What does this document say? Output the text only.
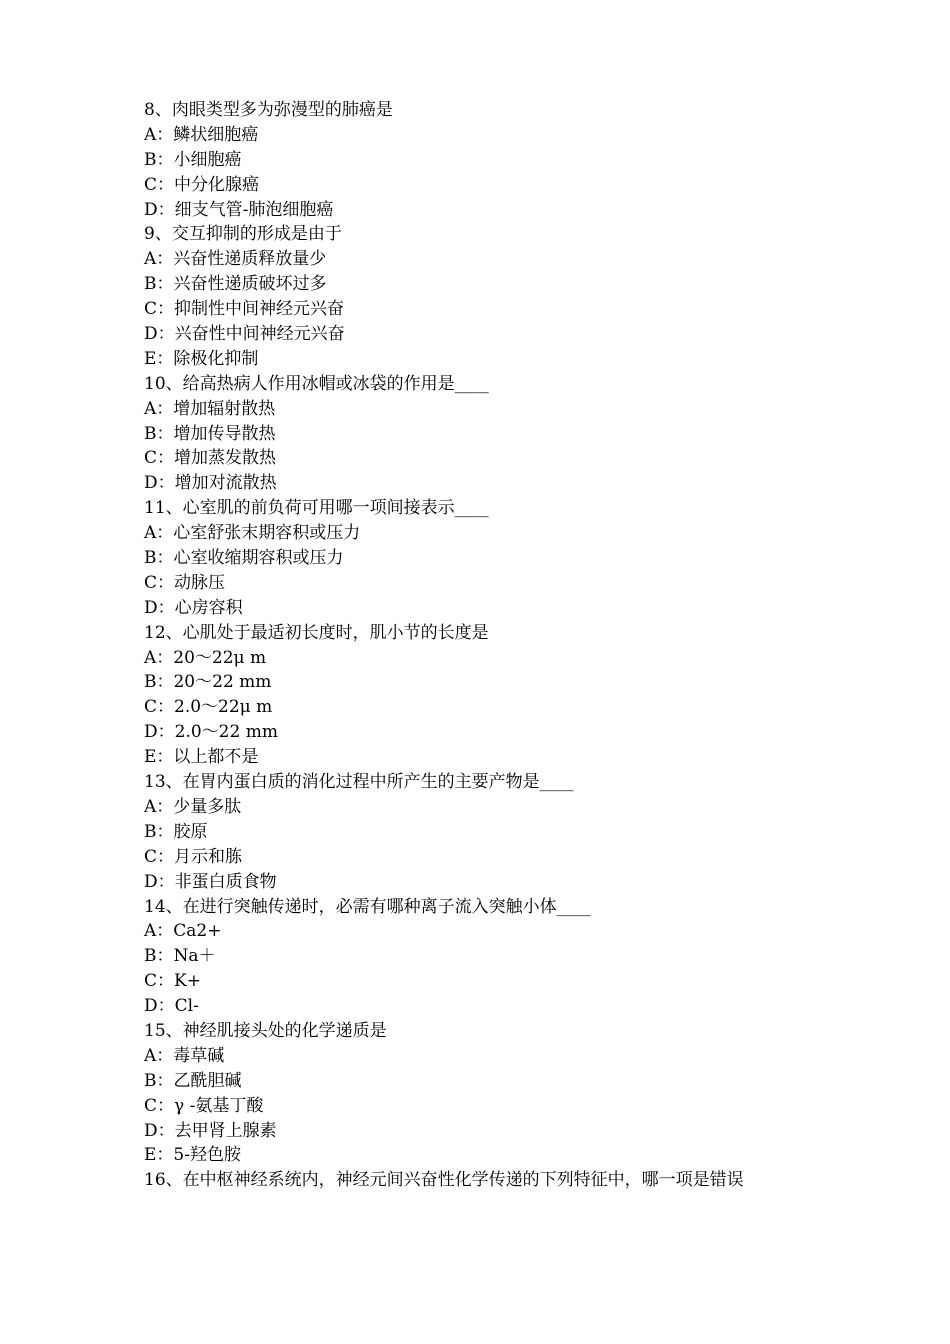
8、肉眼类型多为弥漫型的肺癌是
A：鳞状细胞癌
B：小细胞癌
C：中分化腺癌
D：细支气管-肺泡细胞癌
9、交互抑制的形成是由于
A：兴奋性递质释放量少
B：兴奋性递质破坏过多
C：抑制性中间神经元兴奋
D：兴奋性中间神经元兴奋
E：除极化抑制
10、给高热病人作用冰帽或冰袋的作用是____
A：增加辐射散热
B：增加传导散热
C：增加蒸发散热
D：增加对流散热
11、心室肌的前负荷可用哪一项间接表示____
A：心室舒张末期容积或压力
B：心室收缩期容积或压力
C：动脉压
D：心房容积
12、心肌处于最适初长度时，肌小节的长度是
A：20～22μ m
B：20～22 mm
C：2.0～22μ m
D：2.0～22 mm
E：以上都不是
13、在胃内蛋白质的消化过程中所产生的主要产物是____
A：少量多肽
B：胶原
C：月示和胨
D：非蛋白质食物
14、在进行突触传递时，必需有哪种离子流入突触小体____
A：Ca2+
B：Na＋
C：K+
D：Cl-
15、神经肌接头处的化学递质是
A：毒草碱
B：乙酰胆碱
C：γ -氨基丁酸
D：去甲肾上腺素
E：5-羟色胺
16、在中枢神经系统内，神经元间兴奋性化学传递的下列特征中，哪一项是错误
